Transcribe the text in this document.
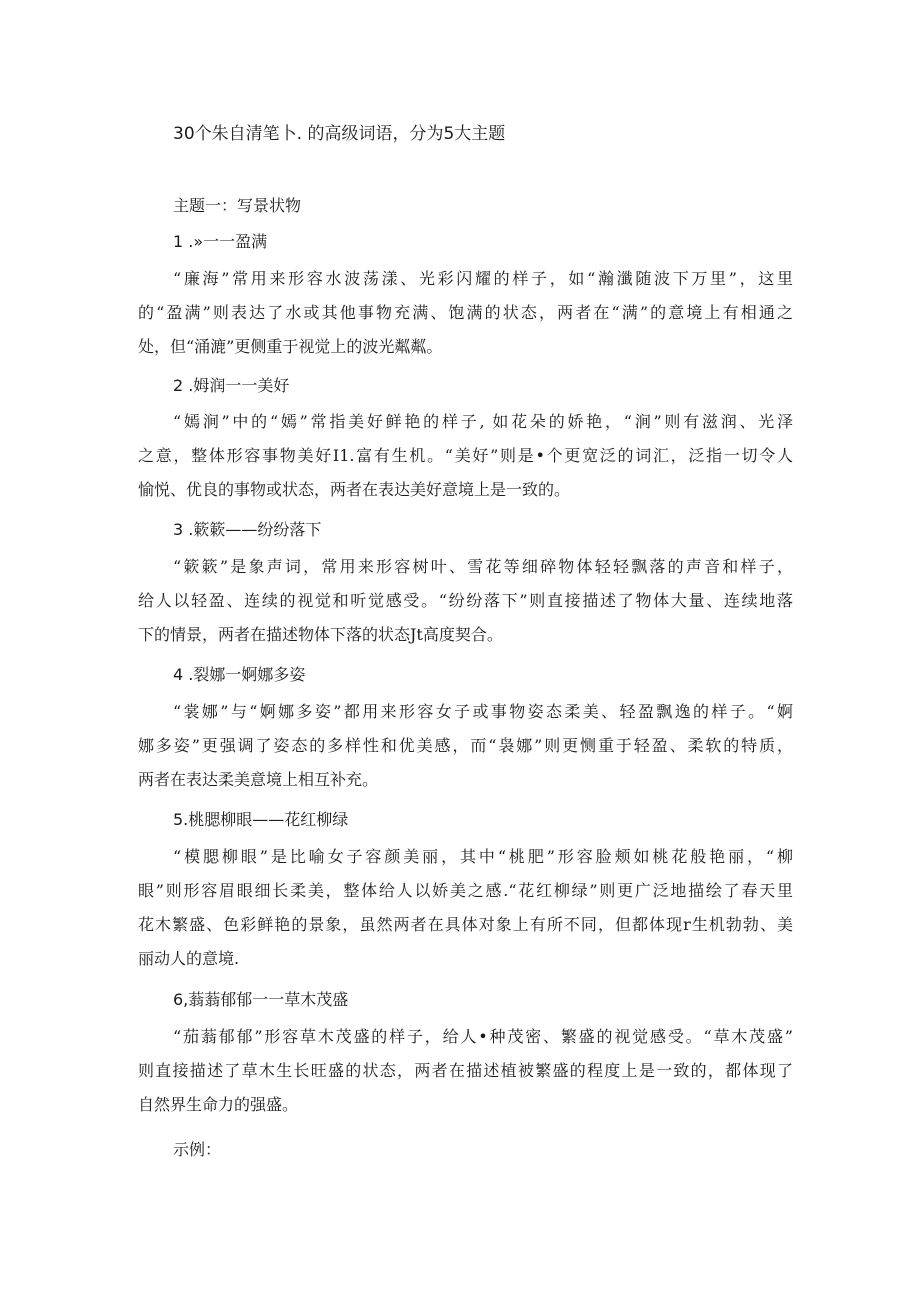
30个朱自清笔卜. 的高级词语，分为5大主题
主题一：写景状物
1 .»一一盈满
“廉海”常用来形容水波荡漾、光彩闪耀的样子，如“瀚瀸随波下万里”，这里
的“盈满”则表达了水或其他事物充满、饱满的状态，两者在“满”的意境上有相通之
处，但“涌漉”更侧重于视觉上的波光粼粼。
2 .姆润一一美好
“嫣涧”中的“嫣”常指美好鲜艳的样子, 如花朵的娇艳，“涧”则有滋润、光泽
之意，整体形容事物美好I1.富有生机。“美好”则是•个更宽泛的词汇，泛指一切令人
愉悦、优良的事物或状态，两者在表达美好意境上是一致的。
3 .簌簌——纷纷落下
“簌簌”是象声词，常用来形容树叶、雪花等细碎物体轻轻飘落的声音和样子，
给人以轻盈、连续的视觉和听觉感受。“纷纷落下”则直接描述了物体大量、连续地落
下的情景，两者在描述物体下落的状态Jt高度契合。
4 .裂娜一婀娜多姿
“裳娜”与“婀娜多姿”都用来形容女子或事物姿态柔美、轻盈飘逸的样子。“婀
娜多姿”更强调了姿态的多样性和优美感，而“袅娜”则更恻重于轻盈、柔软的特质，
两者在表达柔美意境上相互补充。
5.桃腮柳眼——花红柳绿
“模腮柳眼”是比喻女子容颜美丽，其中“桃肥”形容脸颊如桃花般艳丽，“柳
眼”则形容眉眼细长柔美，整体给人以娇美之感.“花红柳绿”则更广泛地描绘了春天里
花木繁盛、色彩鲜艳的景象，虽然两者在具体对象上有所不同，但都体现r生机勃勃、美
丽动人的意境.
6,蓊蓊郁郁一一草木茂盛
“茄蓊郁郁”形容草木茂盛的样子，给人•种茂密、繁盛的视觉感受。“草木茂盛”
则直接描述了草木生长旺盛的状态，两者在描述植被繁盛的程度上是一致的，都体现了
自然界生命力的强盛。
示例：
